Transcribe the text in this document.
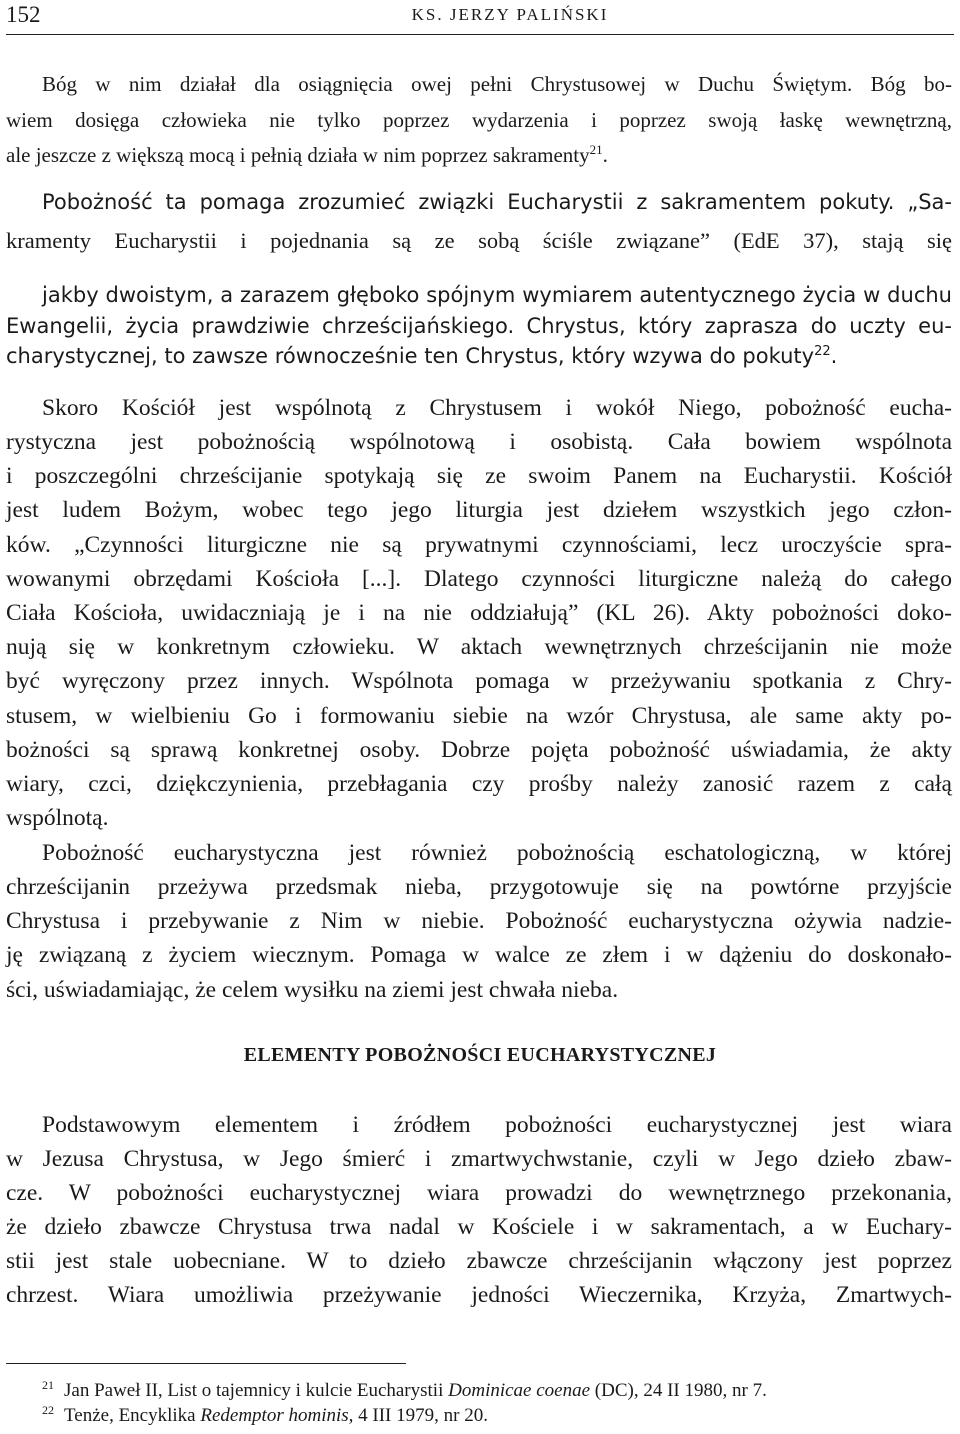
152	KS. JERZY PALIŃSKI
Bóg w nim działał dla osiągnięcia owej pełni Chrystusowej w Duchu Świętym. Bóg bo-
wiem dosięga człowieka nie tylko poprzez wydarzenia i poprzez swoją łaskę wewnętrzną,
ale jeszcze z większą mocą i pełnią działa w nim poprzez sakramenty$^{21}$.
Pobożność ta pomaga zrozumieć związki Eucharystii z sakramentem pokuty. „Sa-
kramenty Eucharystii i pojednania są ze sobą ściśle związane” (EdE 37), stają się
jakby dwoistym, a zarazem głęboko spójnym wymiarem autentycznego życia w duchu
Ewangelii, życia prawdziwie chrześcijańskiego. Chrystus, który zaprasza do uczty eu-
charystycznej, to zawsze równocześnie ten Chrystus, który wzywa do pokuty$^{22}$.
Skoro Kościół jest wspólnotą z Chrystusem i wokół Niego, pobożność eucha-
rystyczna jest pobożnością wspólnotową i osobistą. Cała bowiem wspólnota
i poszczególni chrześcijanie spotykają się ze swoim Panem na Eucharystii. Kościół
jest ludem Bożym, wobec tego jego liturgia jest dziełem wszystkich jego człon-
ków. „Czynności liturgiczne nie są prywatnymi czynnościami, lecz uroczyście spra-
wowanymi obrzędami Kościoła [...]. Dlatego czynności liturgiczne należą do całego
Ciała Kościoła, uwidaczniają je i na nie oddziałują” (KL 26). Akty pobożności doko-
nują się w konkretnym człowieku. W aktach wewnętrznych chrześcijanin nie może
być wyręczony przez innych. Wspólnota pomaga w przeżywaniu spotkania z Chry-
stusem, w wielbieniu Go i formowaniu siebie na wzór Chrystusa, ale same akty po-
bożności są sprawą konkretnej osoby. Dobrze pojęta pobożność uświadamia, że akty
wiary, czci, dziękczynienia, przebłagania czy prośby należy zanosić razem z całą
wspólnotą.
Pobożność eucharystyczna jest również pobożnością eschatologiczną, w której
chrześcijanin przeżywa przedsmak nieba, przygotowuje się na powtórne przyjście
Chrystusa i przebywanie z Nim w niebie. Pobożność eucharystyczna ożywia nadzie-
ję związaną z życiem wiecznym. Pomaga w walce ze złem i w dążeniu do doskonało-
ści, uświadamiając, że celem wysiłku na ziemi jest chwała nieba.
ELEMENTY POBOŻNOŚCI EUCHARYSTYCZNEJ
Podstawowym elementem i źródłem pobożności eucharystycznej jest wiara
w Jezusa Chrystusa, w Jego śmierć i zmartwychwstanie, czyli w Jego dzieło zbaw-
cze. W pobożności eucharystycznej wiara prowadzi do wewnętrznego przekonania,
że dzieło zbawcze Chrystusa trwa nadal w Kościele i w sakramentach, a w Euchary-
stii jest stale uobecniane. W to dzieło zbawcze chrześcijanin włączony jest poprzez
chrzest. Wiara umożliwia przeżywanie jedności Wieczernika, Krzyża, Zmartwych-
$^{21}$ Jan Paweł II, List o tajemnicy i kulcie Eucharystii Dominicae coenae (DC), 24 II 1980, nr 7.
$^{22}$ Tenże, Encyklika Redemptor hominis, 4 III 1979, nr 20.
